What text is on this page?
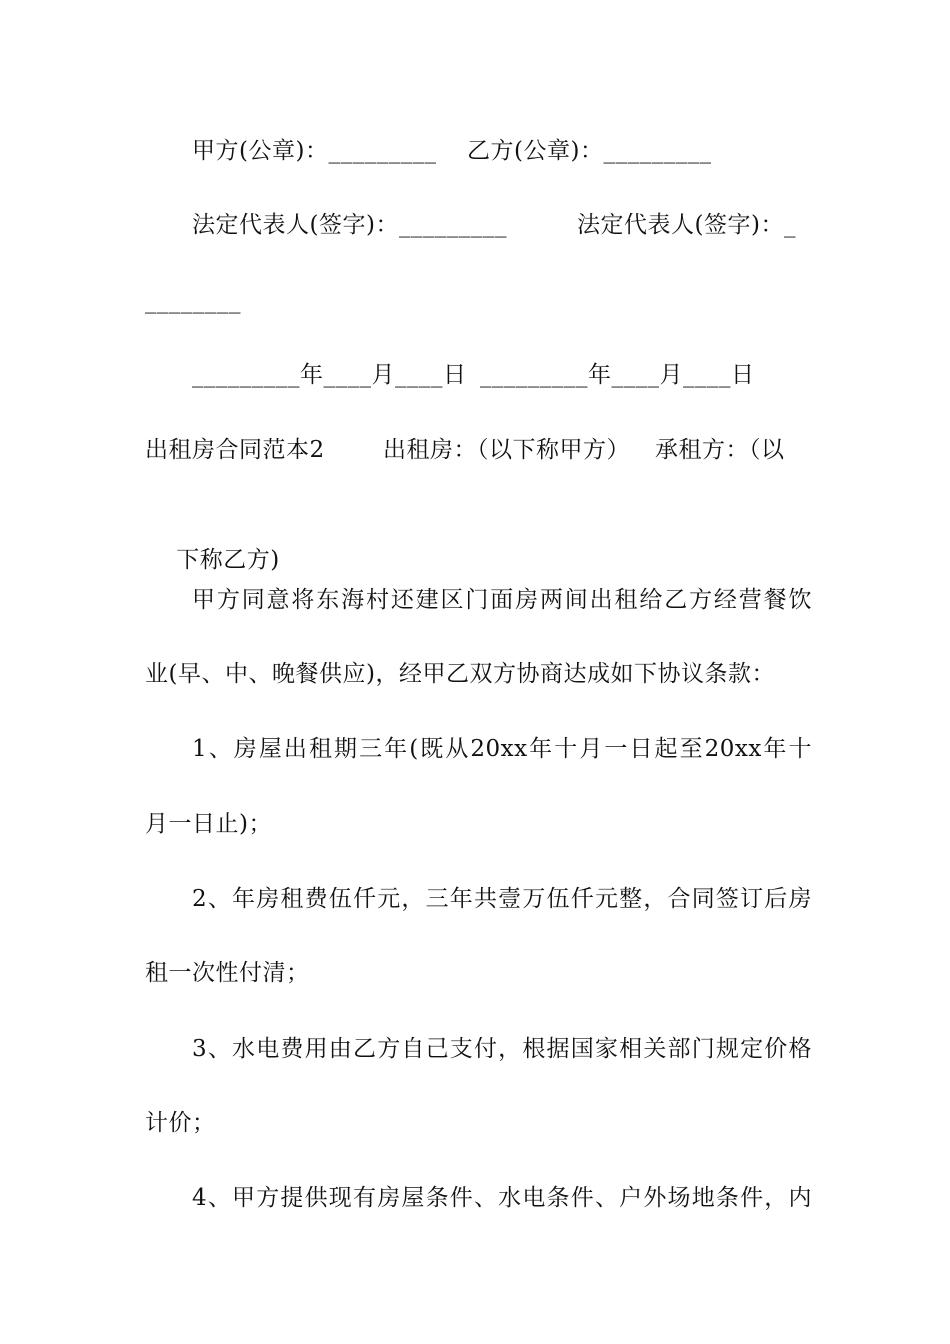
甲方(公章)：_________

乙方(公章)：_________

法定代表人(签字)：_________

	法定代表人(签字)：_

________

_________年____月____日

_________年____月____日

出租房合同范本2

	出租房：（以下称甲方）

承租方：（以

下称乙方)

甲方同意将东海村还建区门面房两间出租给乙方经营餐饮
业(早、中、晚餐供应)，经甲乙双方协商达成如下协议条款：
1、房屋出租期三年(既从20xx年十月一日起至20xx年十
月一日止)；
2、年房租费伍仟元，三年共壹万伍仟元整，合同签订后房
租一次性付清；
3、水电费用由乙方自己支付，根据国家相关部门规定价格
计价；
4、甲方提供现有房屋条件、水电条件、户外场地条件，内
